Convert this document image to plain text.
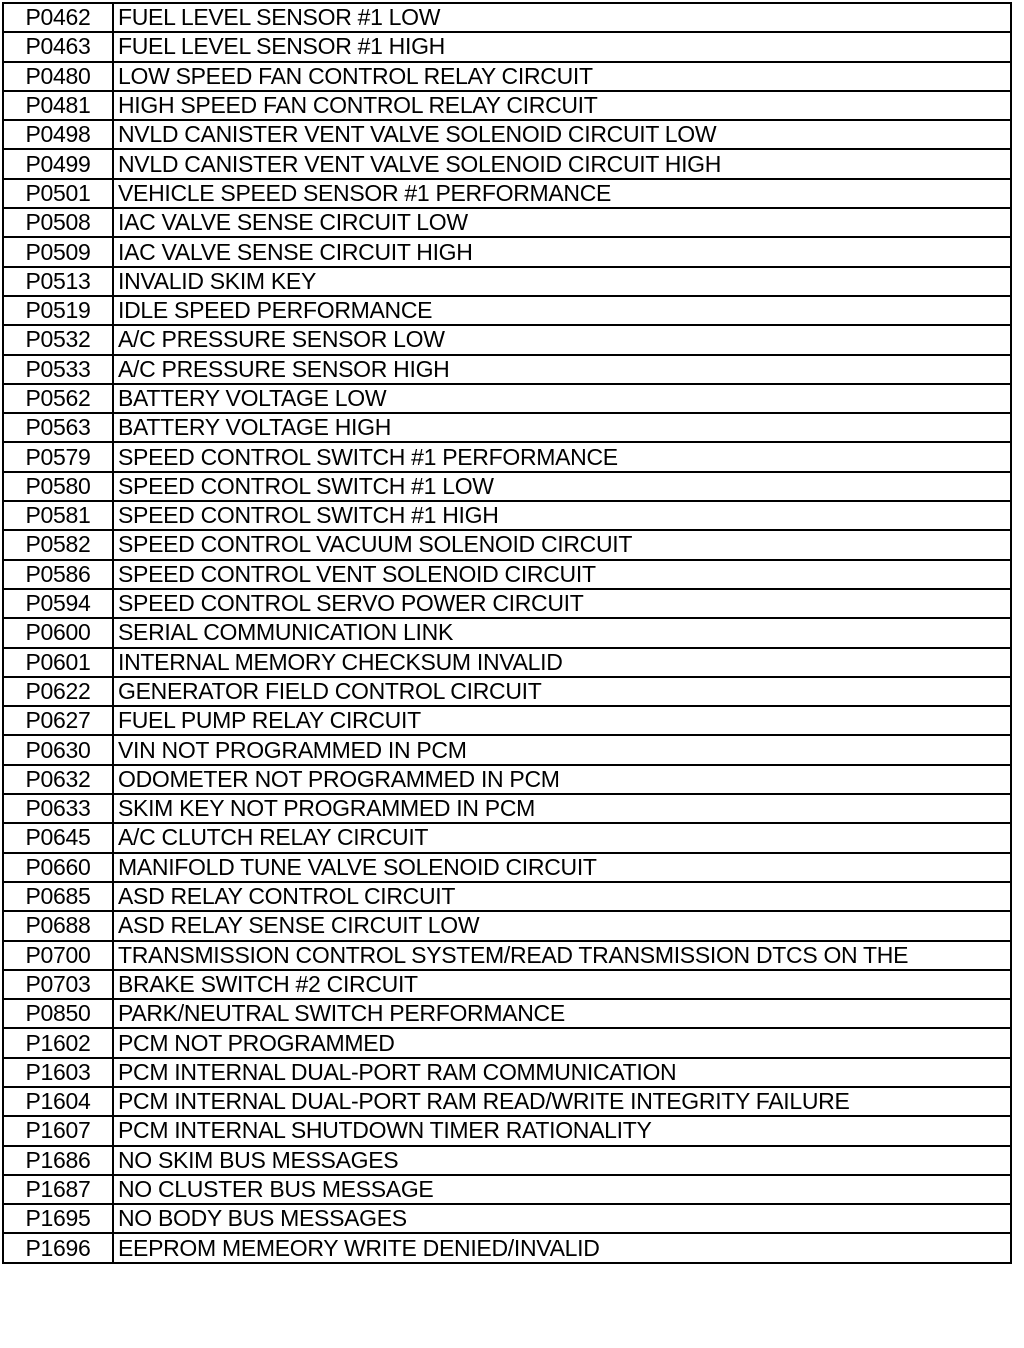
P0462	FUEL LEVEL SENSOR #1 LOW
P0463	FUEL LEVEL SENSOR #1 HIGH
P0480	LOW SPEED FAN CONTROL RELAY CIRCUIT
P0481	HIGH SPEED FAN CONTROL RELAY CIRCUIT
P0498	NVLD CANISTER VENT VALVE SOLENOID CIRCUIT LOW
P0499	NVLD CANISTER VENT VALVE SOLENOID CIRCUIT HIGH
P0501	VEHICLE SPEED SENSOR #1 PERFORMANCE
P0508	IAC VALVE SENSE CIRCUIT LOW
P0509	IAC VALVE SENSE CIRCUIT HIGH
P0513	INVALID SKIM KEY
P0519	IDLE SPEED PERFORMANCE
P0532	A/C PRESSURE SENSOR LOW
P0533	A/C PRESSURE SENSOR HIGH
P0562	BATTERY VOLTAGE LOW
P0563	BATTERY VOLTAGE HIGH
P0579	SPEED CONTROL SWITCH #1 PERFORMANCE
P0580	SPEED CONTROL SWITCH #1 LOW
P0581	SPEED CONTROL SWITCH #1 HIGH
P0582	SPEED CONTROL VACUUM SOLENOID CIRCUIT
P0586	SPEED CONTROL VENT SOLENOID CIRCUIT
P0594	SPEED CONTROL SERVO POWER CIRCUIT
P0600	SERIAL COMMUNICATION LINK
P0601	INTERNAL MEMORY CHECKSUM INVALID
P0622	GENERATOR FIELD CONTROL CIRCUIT
P0627	FUEL PUMP RELAY CIRCUIT
P0630	VIN NOT PROGRAMMED IN PCM
P0632	ODOMETER NOT PROGRAMMED IN PCM
P0633	SKIM KEY NOT PROGRAMMED IN PCM
P0645	A/C CLUTCH RELAY CIRCUIT
P0660	MANIFOLD TUNE VALVE SOLENOID CIRCUIT
P0685	ASD RELAY CONTROL CIRCUIT
P0688	ASD RELAY SENSE CIRCUIT LOW
P0700	TRANSMISSION CONTROL SYSTEM/READ TRANSMISSION DTCS ON THE
P0703	BRAKE SWITCH #2 CIRCUIT
P0850	PARK/NEUTRAL SWITCH PERFORMANCE
P1602	PCM NOT PROGRAMMED
P1603	PCM INTERNAL DUAL-PORT RAM COMMUNICATION
P1604	PCM INTERNAL DUAL-PORT RAM READ/WRITE INTEGRITY FAILURE
P1607	PCM INTERNAL SHUTDOWN TIMER RATIONALITY
P1686	NO SKIM BUS MESSAGES
P1687	NO CLUSTER BUS MESSAGE
P1695	NO BODY BUS MESSAGES
P1696	EEPROM MEMEORY WRITE DENIED/INVALID
